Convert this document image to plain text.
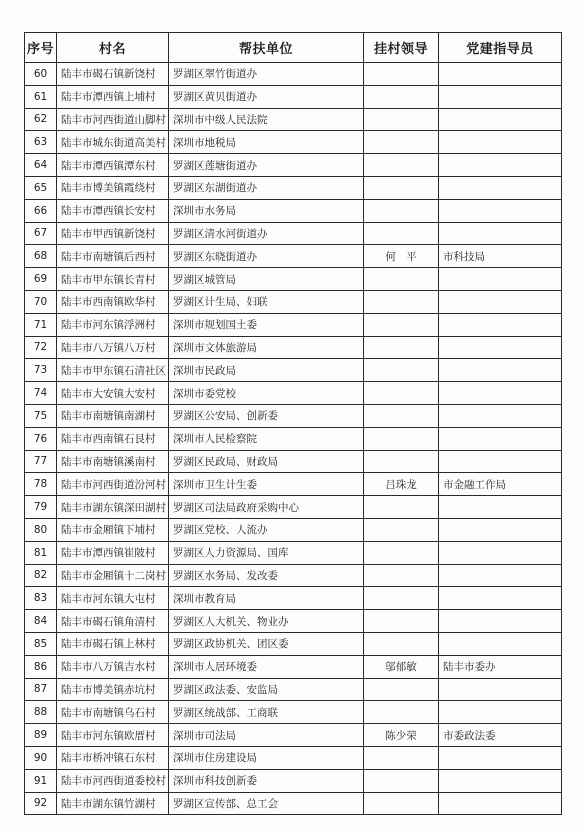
序号	村名	帮扶单位	挂村领导	党建指导员
60	陆丰市碣石镇新饶村	罗湖区翠竹街道办		
61	陆丰市潭西镇上埔村	罗湖区黄贝街道办		
62	陆丰市河西街道山脚村	深圳市中级人民法院		
63	陆丰市城东街道高美村	深圳市地税局		
64	陆丰市潭西镇潭东村	罗湖区莲塘街道办		
65	陆丰市博美镇霞绕村	罗湖区东湖街道办		
66	陆丰市潭西镇长安村	深圳市水务局		
67	陆丰市甲西镇新饶村	罗湖区清水河街道办		
68	陆丰市南塘镇后西村	罗湖区东晓街道办	何　平	市科技局
69	陆丰市甲东镇长青村	罗湖区城管局		
70	陆丰市西南镇欧华村	罗湖区计生局、妇联		
71	陆丰市河东镇浮洲村	深圳市规划国土委		
72	陆丰市八万镇八万村	深圳市文体旅游局		
73	陆丰市甲东镇石清社区	深圳市民政局		
74	陆丰市大安镇大安村	深圳市委党校		
75	陆丰市南塘镇南湖村	罗湖区公安局、创新委		
76	陆丰市西南镇石艮村	深圳市人民检察院		
77	陆丰市南塘镇溪南村	罗湖区民政局、财政局		
78	陆丰市河西街道汾河村	深圳市卫生计生委	吕珠龙	市金融工作局
79	陆丰市湖东镇深田湖村	罗湖区司法局政府采购中心		
80	陆丰市金厢镇下埔村	罗湖区党校、人流办		
81	陆丰市潭西镇崔陂村	罗湖区人力资源局、国库		
82	陆丰市金厢镇十二岗村	罗湖区水务局、发改委		
83	陆丰市河东镇大屯村	深圳市教育局		
84	陆丰市碣石镇角清村	罗湖区人大机关、物业办		
85	陆丰市碣石镇上林村	罗湖区政协机关、团区委		
86	陆丰市八万镇吉水村	深圳市人居环境委	邬郁敏	陆丰市委办
87	陆丰市博美镇赤坑村	罗湖区政法委、安监局		
88	陆丰市南塘镇乌石村	罗湖区统战部、工商联		
89	陆丰市河东镇欧厝村	深圳市司法局	陈少荣	市委政法委
90	陆丰市桥冲镇石东村	深圳市住房建设局		
91	陆丰市河西街道委校村	深圳市科技创新委		
92	陆丰市湖东镇竹湖村	罗湖区宣传部、总工会		
